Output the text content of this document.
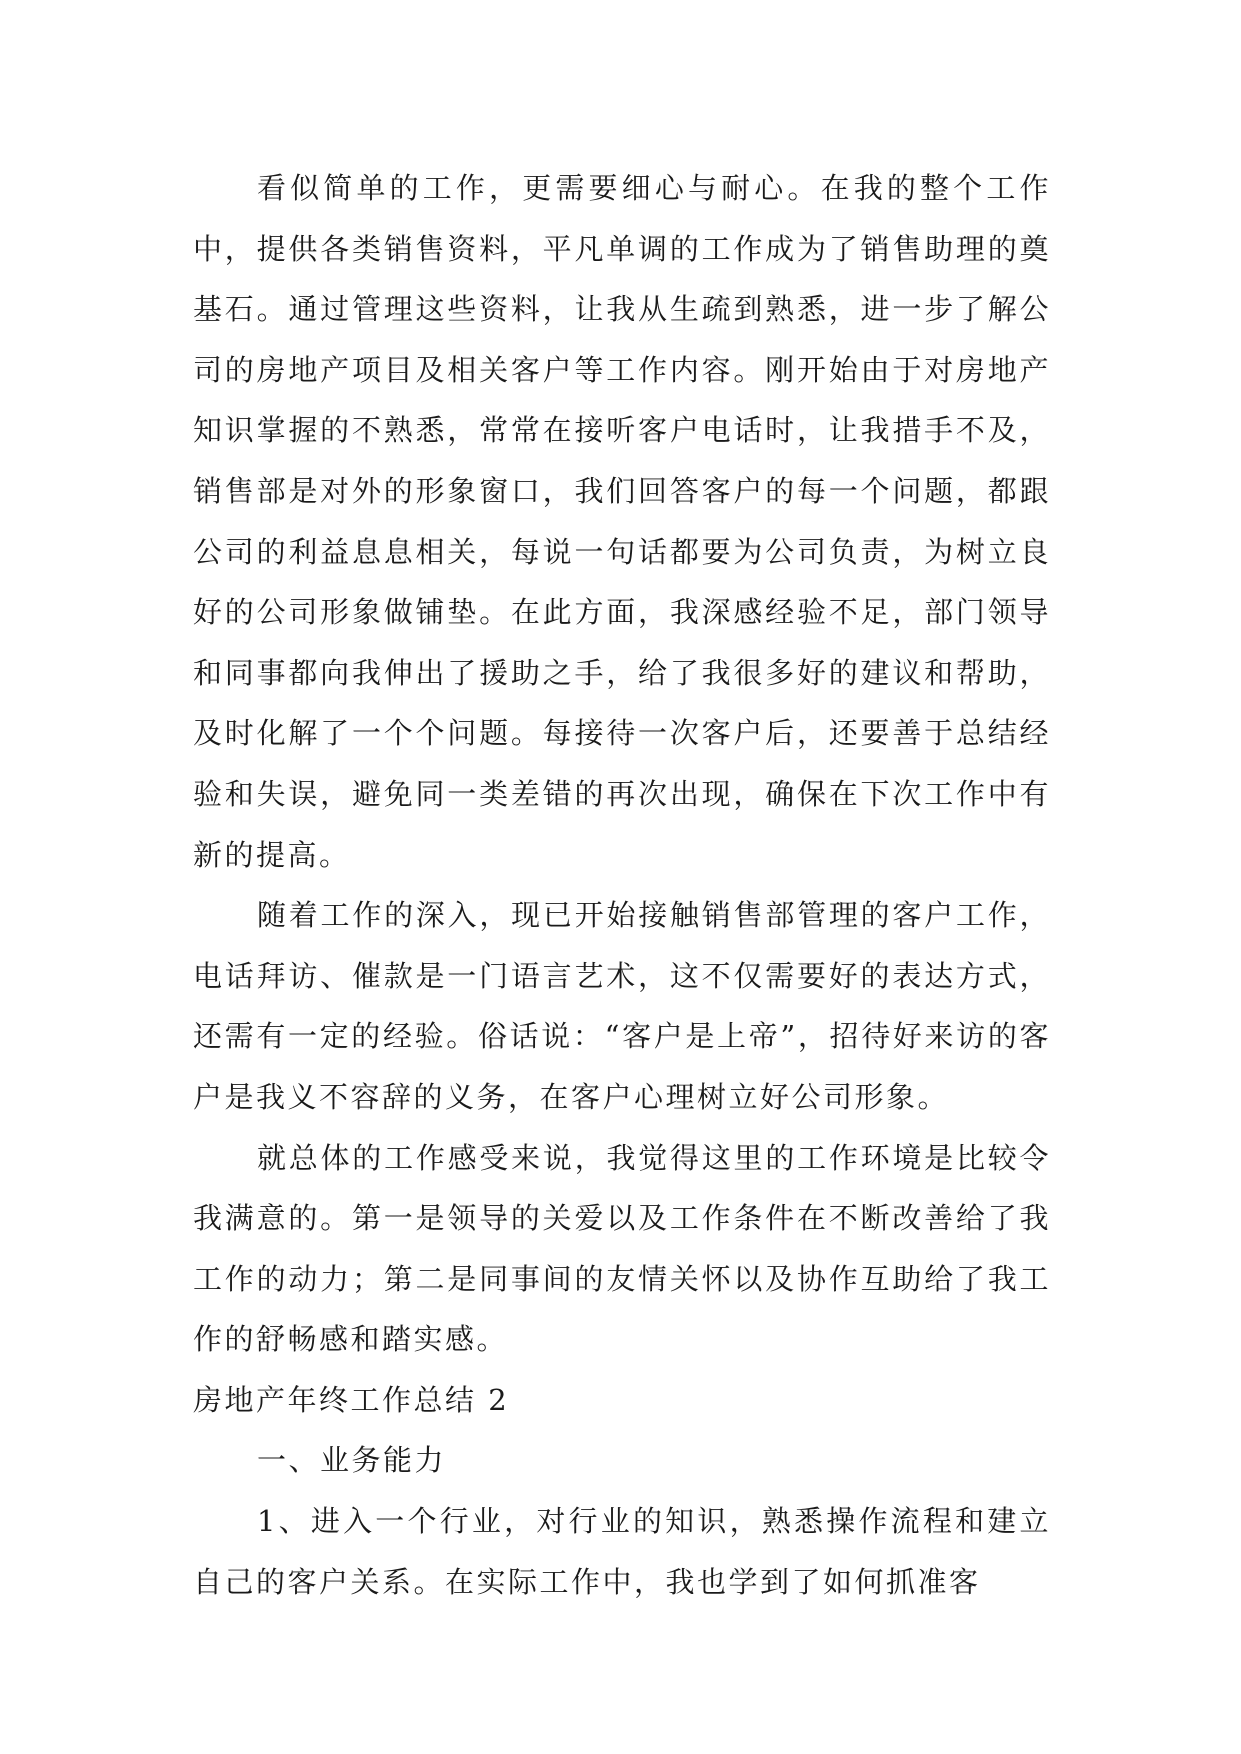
看似简单的工作，更需要细心与耐心。在我的整个工作中，提供各类销售资料，平凡单调的工作成为了销售助理的奠基石。通过管理这些资料，让我从生疏到熟悉，进一步了解公司的房地产项目及相关客户等工作内容。刚开始由于对房地产知识掌握的不熟悉，常常在接听客户电话时，让我措手不及，销售部是对外的形象窗口，我们回答客户的每一个问题，都跟公司的利益息息相关，每说一句话都要为公司负责，为树立良好的公司形象做铺垫。在此方面，我深感经验不足，部门领导和同事都向我伸出了援助之手，给了我很多好的建议和帮助，及时化解了一个个问题。每接待一次客户后，还要善于总结经验和失误，避免同一类差错的再次出现，确保在下次工作中有新的提高。

随着工作的深入，现已开始接触销售部管理的客户工作，电话拜访、催款是一门语言艺术，这不仅需要好的表达方式，还需有一定的经验。俗话说：“客户是上帝”，招待好来访的客户是我义不容辞的义务，在客户心理树立好公司形象。

就总体的工作感受来说，我觉得这里的工作环境是比较令我满意的。第一是领导的关爱以及工作条件在不断改善给了我工作的动力；第二是同事间的友情关怀以及协作互助给了我工作的舒畅感和踏实感。

房地产年终工作总结 2

一、业务能力

1、进入一个行业，对行业的知识，熟悉操作流程和建立自己的客户关系。在实际工作中，我也学到了如何抓准客
